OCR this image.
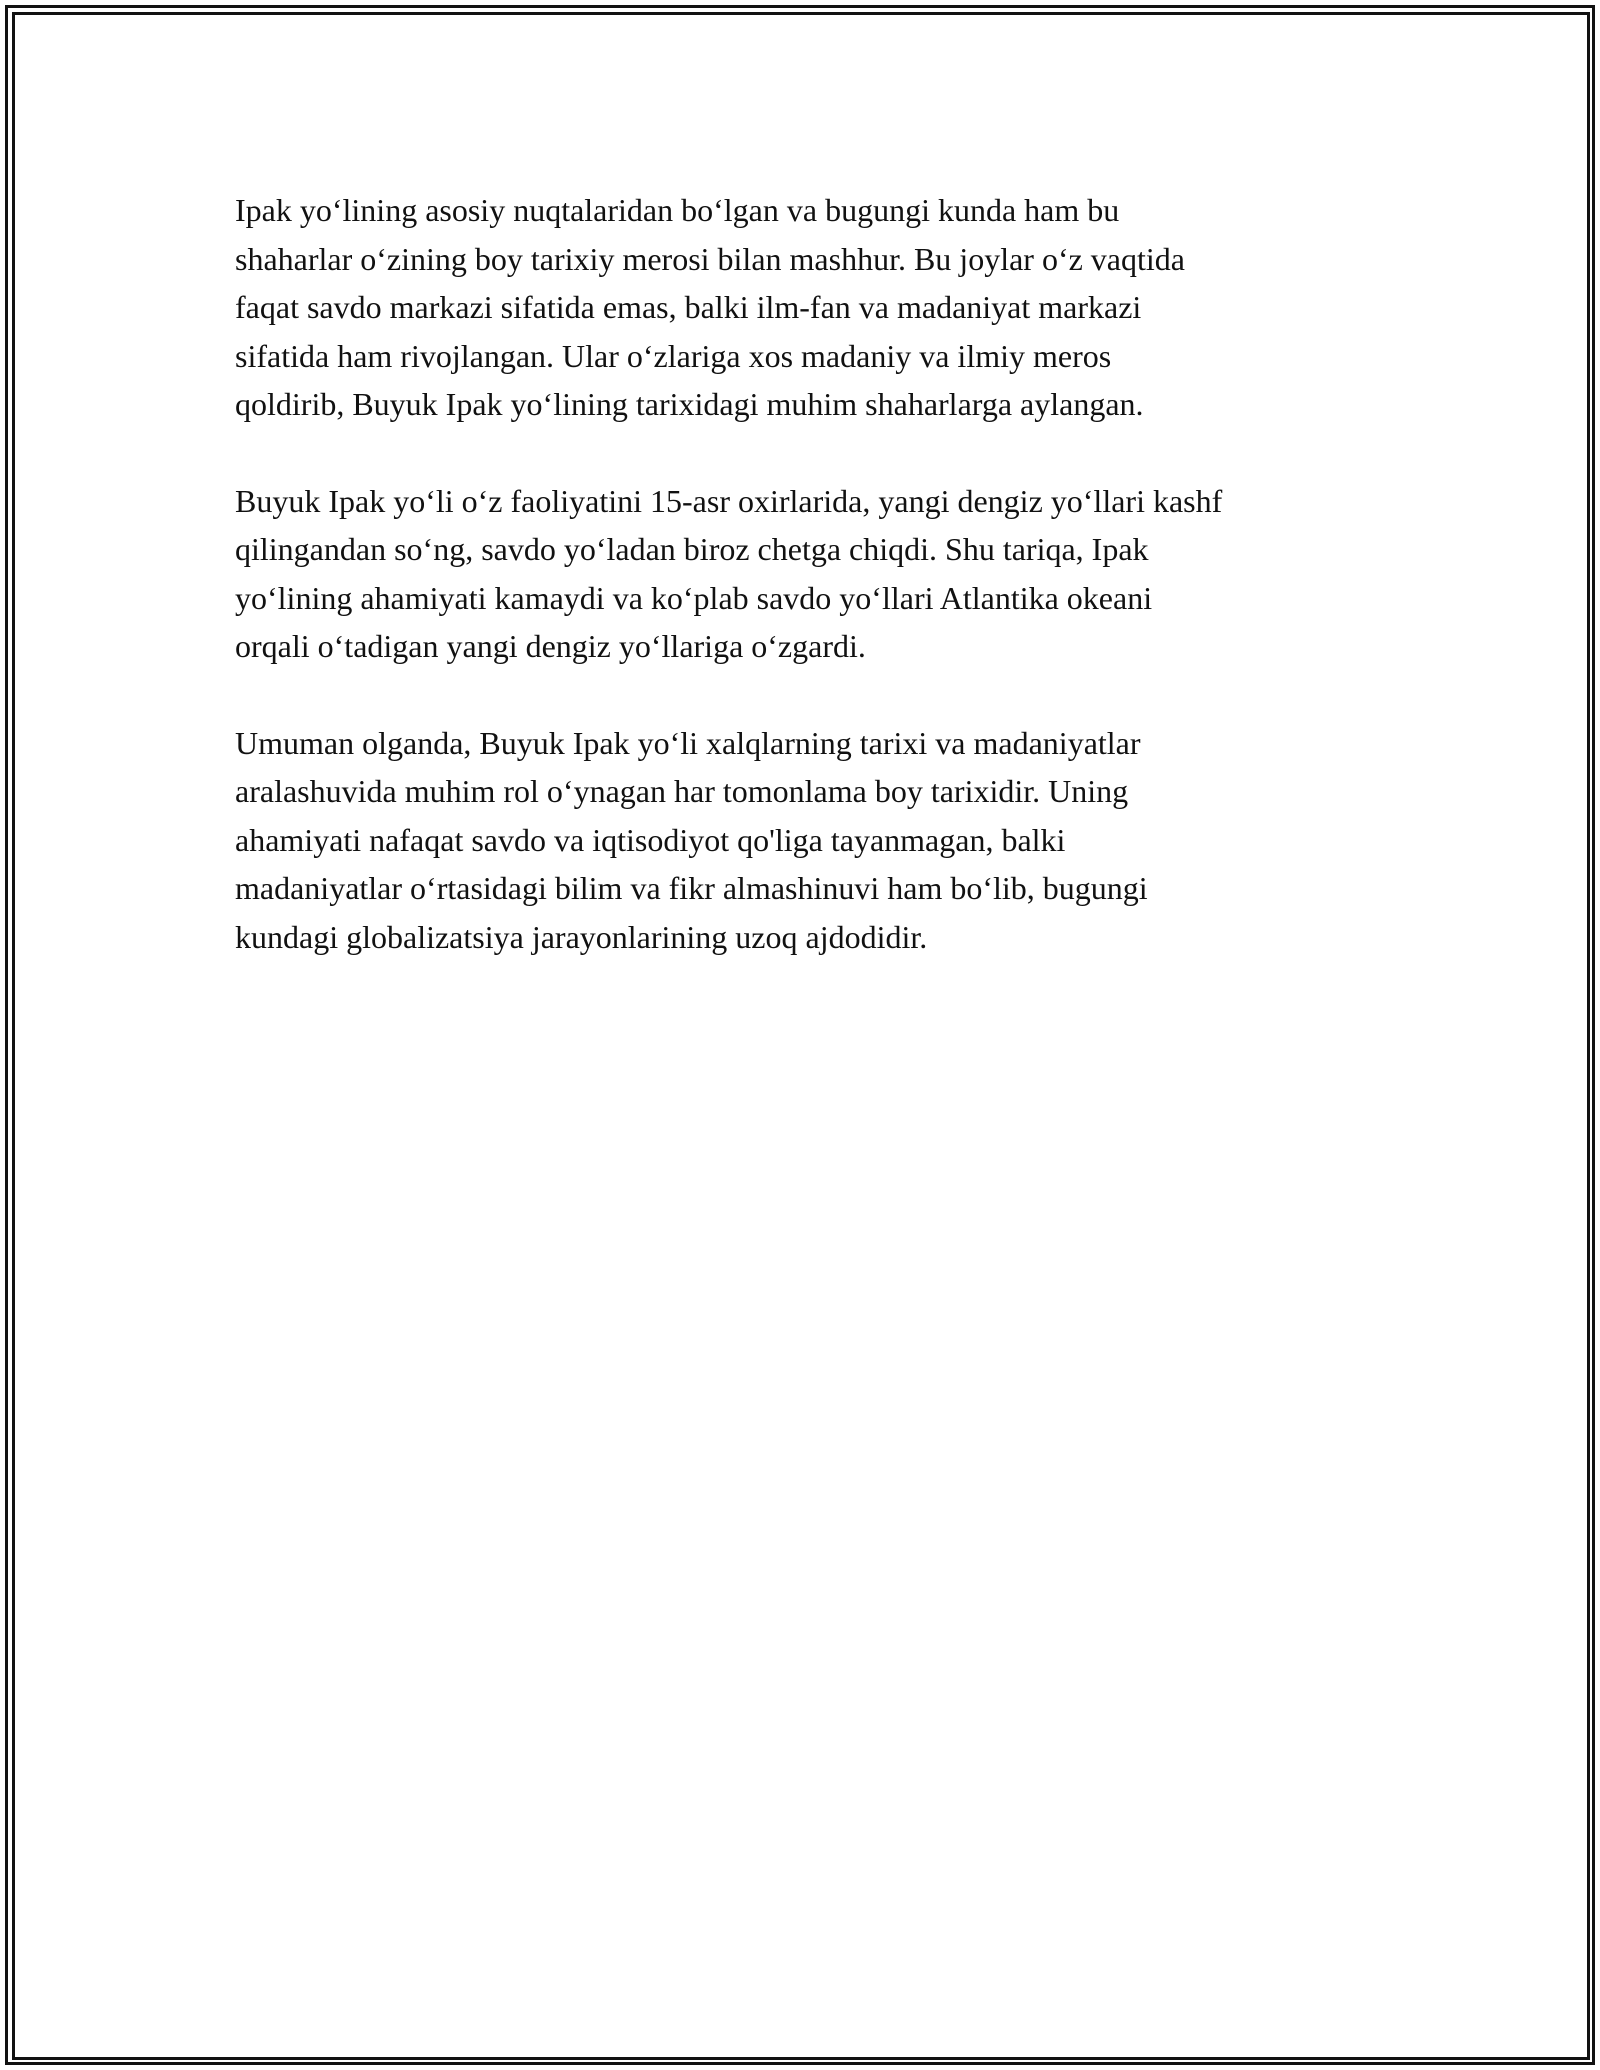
Ipak yoʻlining asosiy nuqtalaridan boʻlgan va bugungi kunda ham bu
shaharlar oʻzining boy tarixiy merosi bilan mashhur. Bu joylar oʻz vaqtida
faqat savdo markazi sifatida emas, balki ilm-fan va madaniyat markazi
sifatida ham rivojlangan. Ular oʻzlariga xos madaniy va ilmiy meros
qoldirib, Buyuk Ipak yoʻlining tarixidagi muhim shaharlarga aylangan.

Buyuk Ipak yoʻli oʻz faoliyatini 15-asr oxirlarida, yangi dengiz yoʻllari kashf
qilingandan soʻng, savdo yoʻladan biroz chetga chiqdi. Shu tariqa, Ipak
yoʻlining ahamiyati kamaydi va koʻplab savdo yoʻllari Atlantika okeani
orqali oʻtadigan yangi dengiz yoʻllariga oʻzgardi.

Umuman olganda, Buyuk Ipak yoʻli xalqlarning tarixi va madaniyatlar
aralashuvida muhim rol oʻynagan har tomonlama boy tarixidir. Uning
ahamiyati nafaqat savdo va iqtisodiyot qo'liga tayanmagan, balki
madaniyatlar oʻrtasidagi bilim va fikr almashinuvi ham boʻlib, bugungi
kundagi globalizatsiya jarayonlarining uzoq ajdodidir.
